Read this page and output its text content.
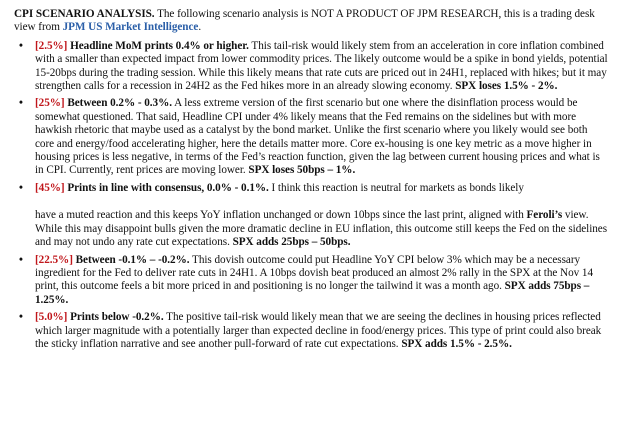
CPI SCENARIO ANALYSIS. The following scenario analysis is NOT A PRODUCT OF JPM RESEARCH, this is a trading desk view from JPM US Market Intelligence.
• [2.5%] Headline MoM prints 0.4% or higher. This tail-risk would likely stem from an acceleration in core inflation combined with a smaller than expected impact from lower commodity prices. The likely outcome would be a spike in bond yields, potential 15-20bps during the trading session. While this likely means that rate cuts are priced out in 24H1, replaced with hikes; but it may strengthen calls for a recession in 24H2 as the Fed hikes more in an already slowing economy. SPX loses 1.5% - 2%.
• [25%] Between 0.2% - 0.3%. A less extreme version of the first scenario but one where the disinflation process would be somewhat questioned. That said, Headline CPI under 4% likely means that the Fed remains on the sidelines but with more hawkish rhetoric that maybe used as a catalyst by the bond market. Unlike the first scenario where you likely would see both core and energy/food accelerating higher, here the details matter more. Core ex-housing is one key metric as a move higher in housing prices is less negative, in terms of the Fed’s reaction function, given the lag between current housing prices and what is in CPI. Currently, rent prices are moving lower. SPX loses 50bps – 1%.
• [45%] Prints in line with consensus, 0.0% - 0.1%. I think this reaction is neutral for markets as bonds likely
have a muted reaction and this keeps YoY inflation unchanged or down 10bps since the last print, aligned with Feroli’s view. While this may disappoint bulls given the more dramatic decline in EU inflation, this outcome still keeps the Fed on the sidelines and may not undo any rate cut expectations. SPX adds 25bps – 50bps.
• [22.5%] Between -0.1% – -0.2%. This dovish outcome could put Headline YoY CPI below 3% which may be a necessary ingredient for the Fed to deliver rate cuts in 24H1. A 10bps dovish beat produced an almost 2% rally in the SPX at the Nov 14 print, this outcome feels a bit more priced in and positioning is no longer the tailwind it was a month ago. SPX adds 75bps – 1.25%.
• [5.0%] Prints below -0.2%. The positive tail-risk would likely mean that we are seeing the declines in housing prices reflected which larger magnitude with a potentially larger than expected decline in food/energy prices. This type of print could also break the sticky inflation narrative and see another pull-forward of rate cut expectations. SPX adds 1.5% - 2.5%.
